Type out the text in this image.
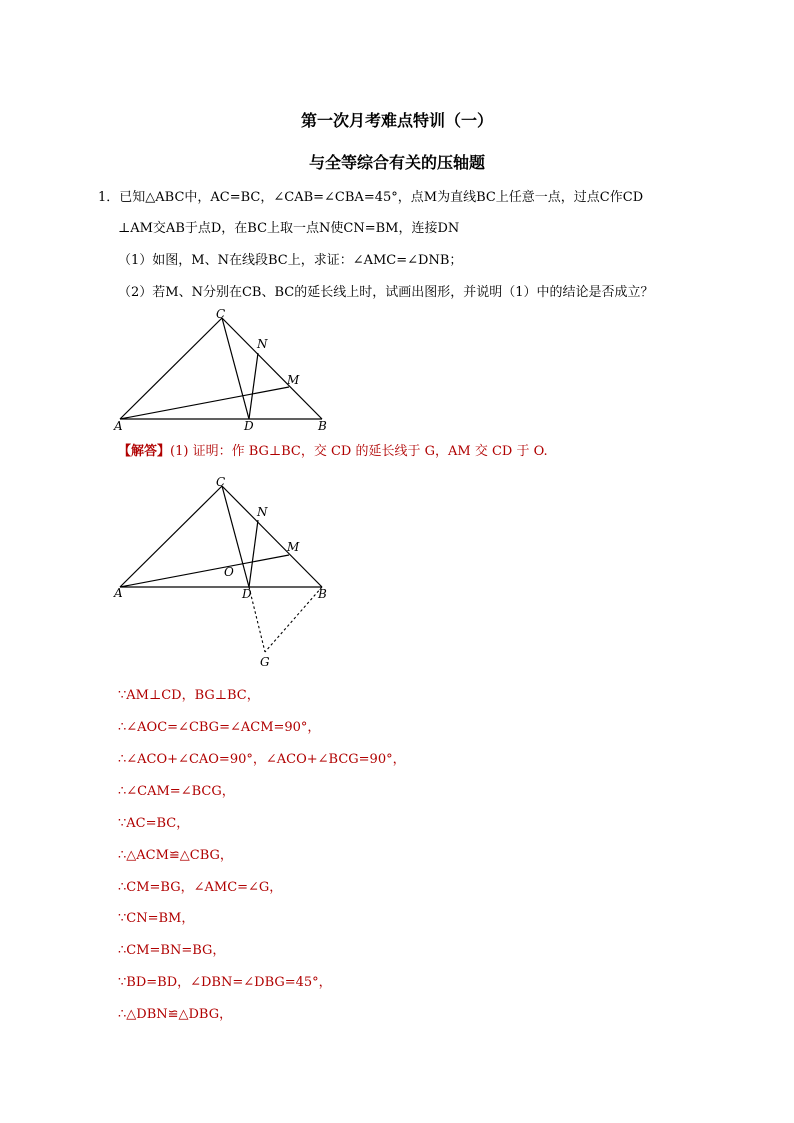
第一次月考难点特训（一）
与全等综合有关的压轴题
1．已知△ABC中，AC=BC，∠CAB=∠CBA=45°，点M为直线BC上任意一点，过点C作CD
⊥AM交AB于点D，在BC上取一点N使CN=BM，连接DN
（1）如图，M、N在线段BC上，求证：∠AMC=∠DNB；
（2）若M、N分别在CB、BC的延长线上时，试画出图形，并说明（1）中的结论是否成立？
C
N
M
A	D	B
【解答】(1) 证明：作 BG⊥BC，交 CD 的延长线于 G，AM 交 CD 于 O.
C
N
M
O
A	D	B
G
∵AM⊥CD，BG⊥BC，
∴∠AOC=∠CBG=∠ACM=90°，
∴∠ACO+∠CAO=90°，∠ACO+∠BCG=90°，
∴∠CAM=∠BCG，
∵AC=BC，
∴△ACM≌△CBG，
∴CM=BG，∠AMC=∠G，
∵CN=BM，
∴CM=BN=BG，
∵BD=BD，∠DBN=∠DBG=45°，
∴△DBN≌△DBG，
